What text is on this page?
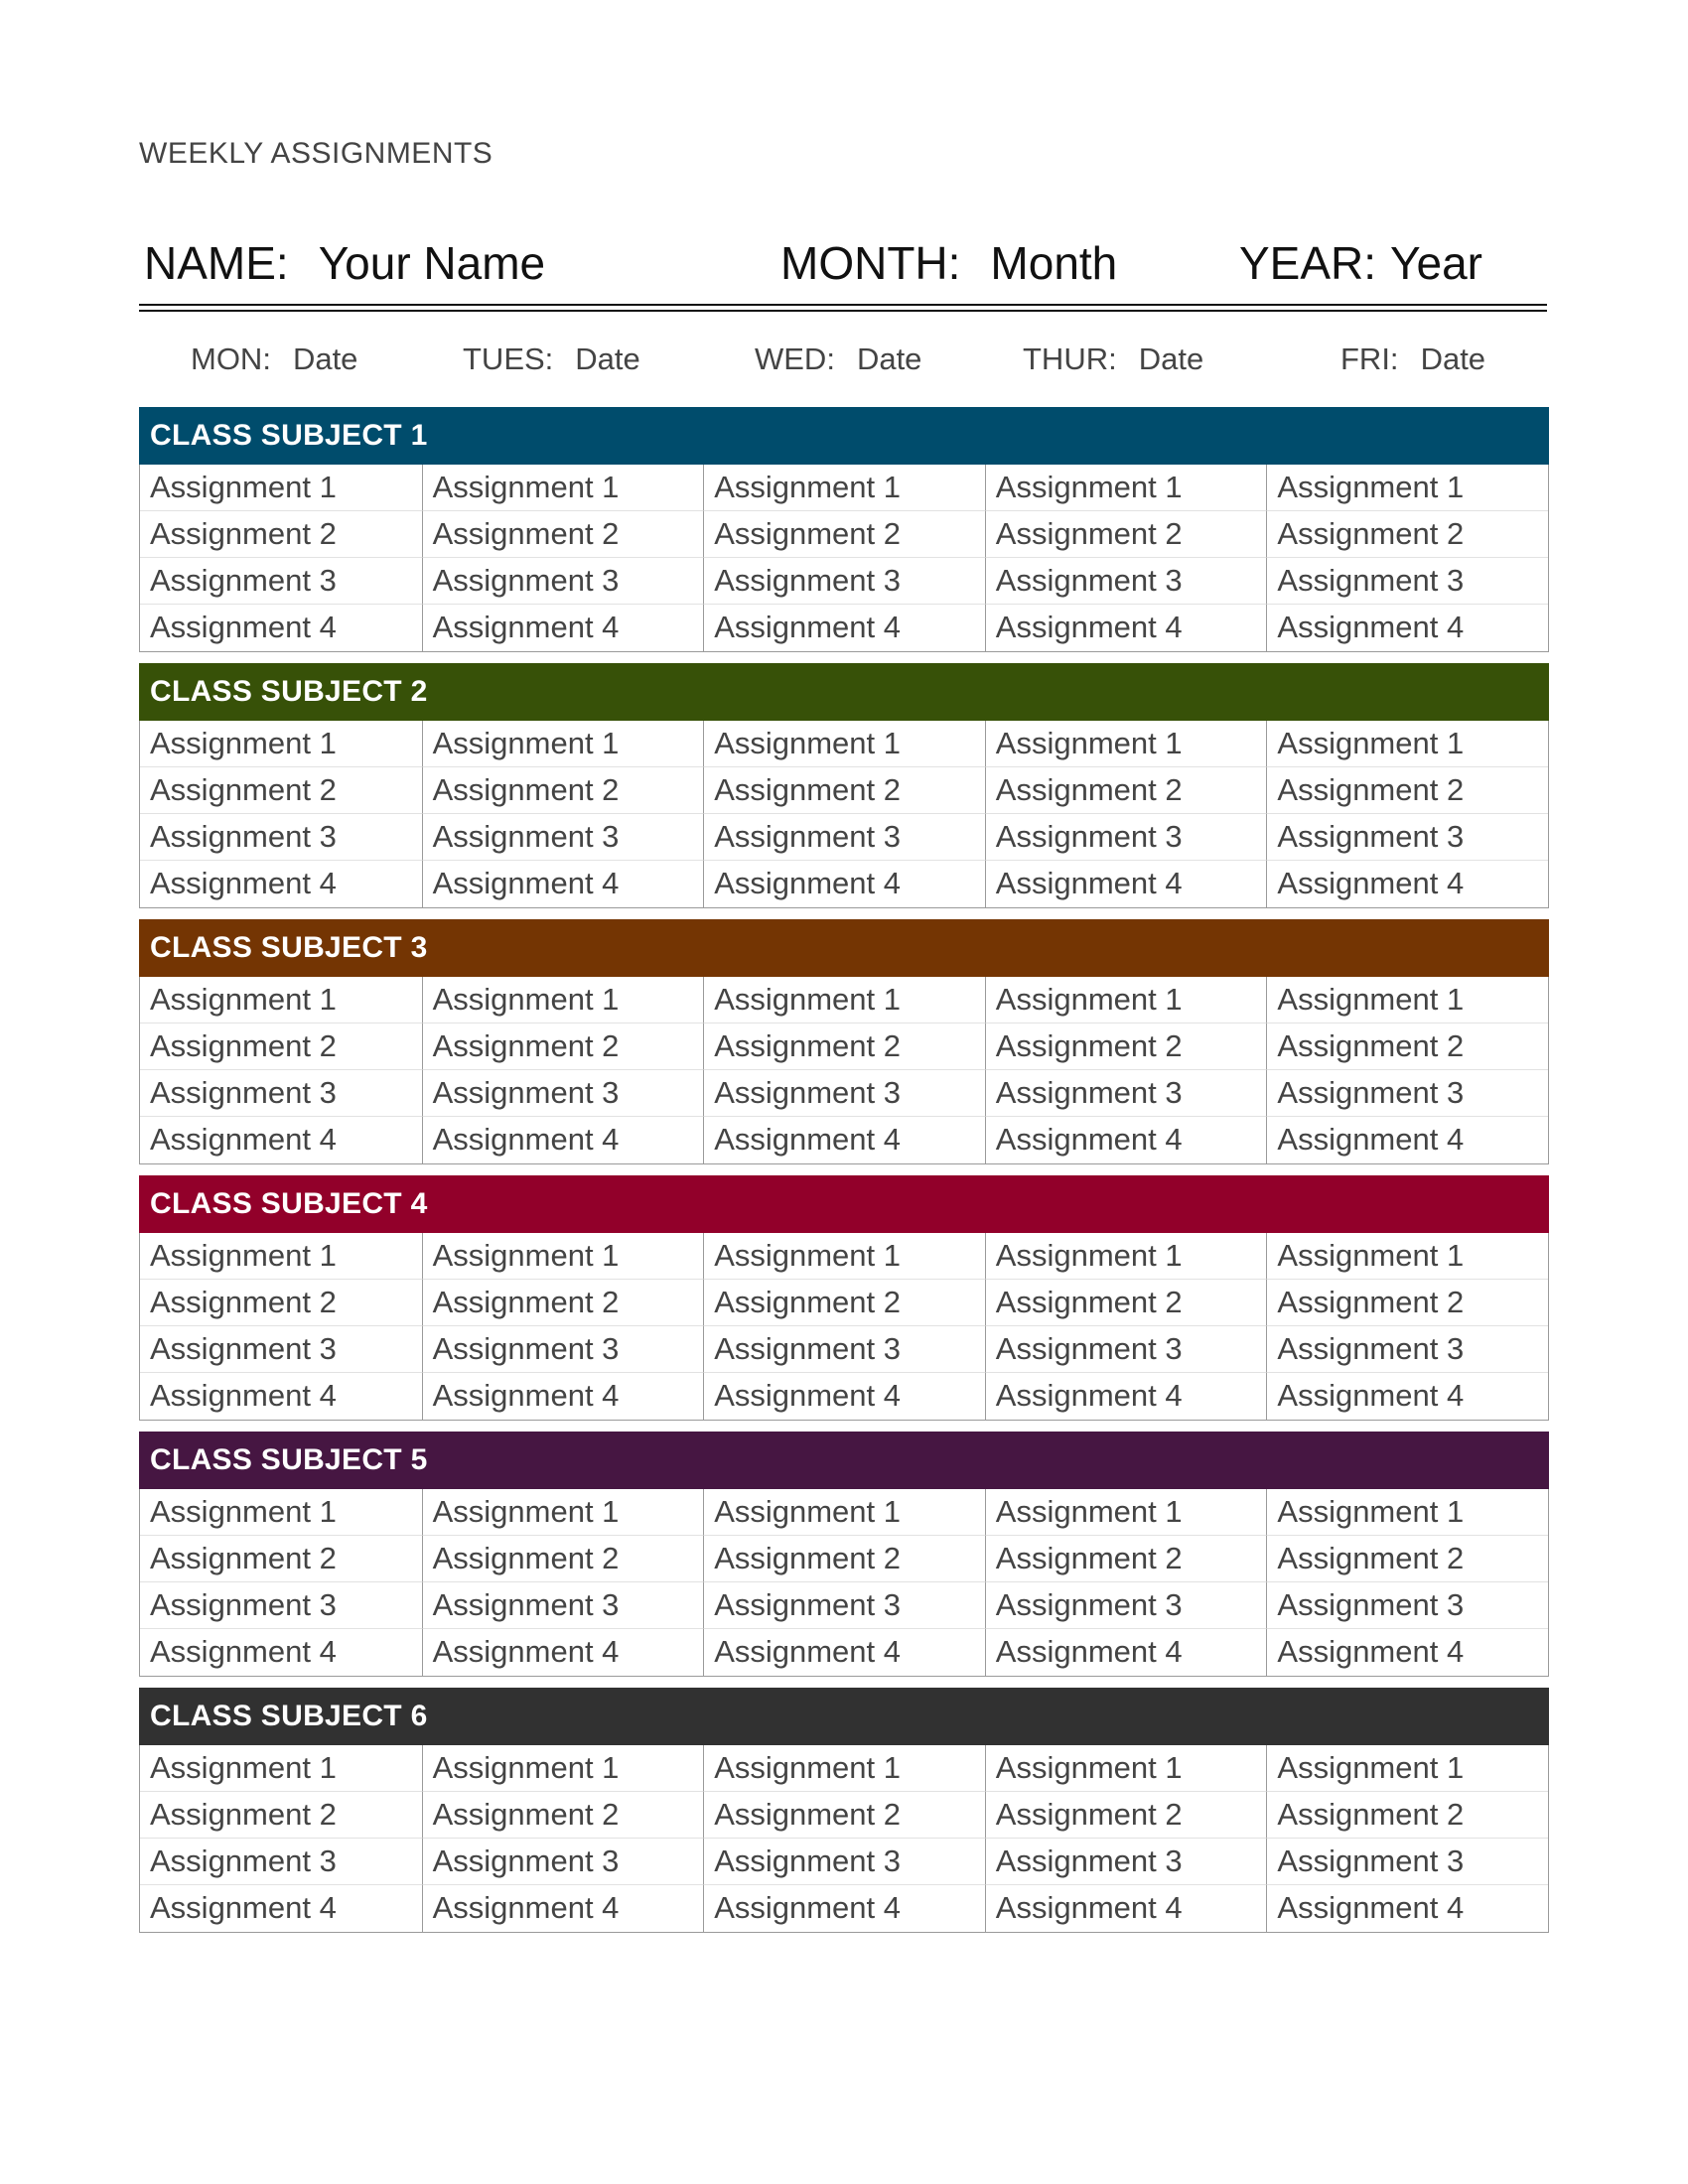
WEEKLY ASSIGNMENTS
NAME: Your Name	MONTH: Month	YEAR: Year
MON: Date	TUES: Date	WED: Date	THUR: Date	FRI: Date
CLASS SUBJECT 1
Assignment 1	Assignment 1	Assignment 1	Assignment 1	Assignment 1
Assignment 2	Assignment 2	Assignment 2	Assignment 2	Assignment 2
Assignment 3	Assignment 3	Assignment 3	Assignment 3	Assignment 3
Assignment 4	Assignment 4	Assignment 4	Assignment 4	Assignment 4
CLASS SUBJECT 2
Assignment 1	Assignment 1	Assignment 1	Assignment 1	Assignment 1
Assignment 2	Assignment 2	Assignment 2	Assignment 2	Assignment 2
Assignment 3	Assignment 3	Assignment 3	Assignment 3	Assignment 3
Assignment 4	Assignment 4	Assignment 4	Assignment 4	Assignment 4
CLASS SUBJECT 3
Assignment 1	Assignment 1	Assignment 1	Assignment 1	Assignment 1
Assignment 2	Assignment 2	Assignment 2	Assignment 2	Assignment 2
Assignment 3	Assignment 3	Assignment 3	Assignment 3	Assignment 3
Assignment 4	Assignment 4	Assignment 4	Assignment 4	Assignment 4
CLASS SUBJECT 4
Assignment 1	Assignment 1	Assignment 1	Assignment 1	Assignment 1
Assignment 2	Assignment 2	Assignment 2	Assignment 2	Assignment 2
Assignment 3	Assignment 3	Assignment 3	Assignment 3	Assignment 3
Assignment 4	Assignment 4	Assignment 4	Assignment 4	Assignment 4
CLASS SUBJECT 5
Assignment 1	Assignment 1	Assignment 1	Assignment 1	Assignment 1
Assignment 2	Assignment 2	Assignment 2	Assignment 2	Assignment 2
Assignment 3	Assignment 3	Assignment 3	Assignment 3	Assignment 3
Assignment 4	Assignment 4	Assignment 4	Assignment 4	Assignment 4
CLASS SUBJECT 6
Assignment 1	Assignment 1	Assignment 1	Assignment 1	Assignment 1
Assignment 2	Assignment 2	Assignment 2	Assignment 2	Assignment 2
Assignment 3	Assignment 3	Assignment 3	Assignment 3	Assignment 3
Assignment 4	Assignment 4	Assignment 4	Assignment 4	Assignment 4
